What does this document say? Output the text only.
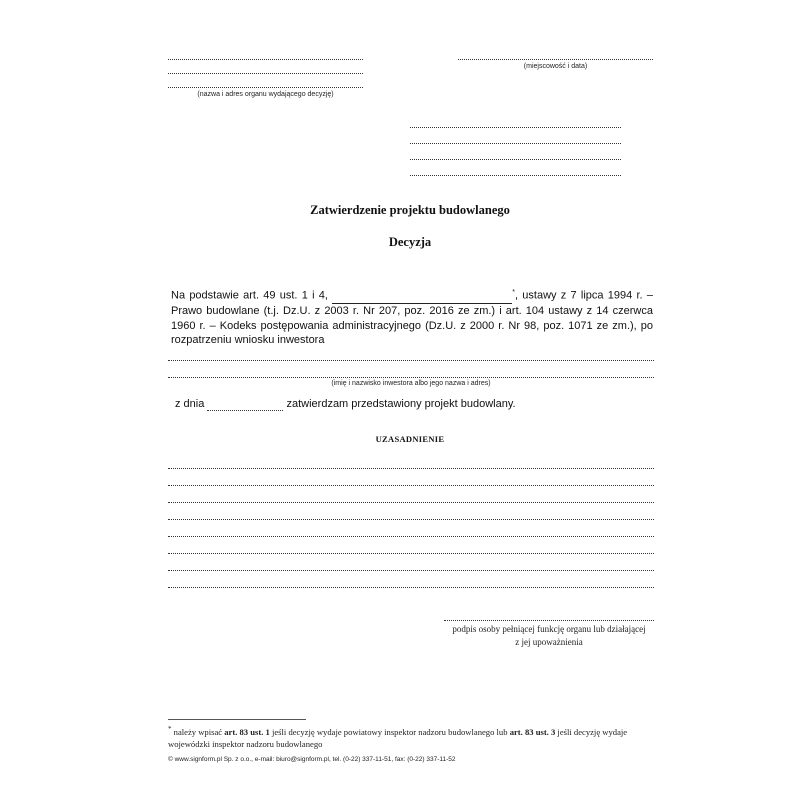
(nazwa i adres organu wydającego decyzję)
(miejscowość i data)
Zatwierdzenie projektu budowlanego
Decyzja
Na podstawie art. 49 ust. 1 i 4,	*, ustawy z 7 lipca 1994 r. – Prawo budowlane (t.j. Dz.U. z 2003 r. Nr 207, poz. 2016 ze zm.) i art. 104 ustawy z 14 czerwca 1960 r. – Kodeks postępowania administracyjnego (Dz.U. z 2000 r. Nr 98, poz. 1071 ze zm.), po rozpatrzeniu wniosku inwestora
(imię i nazwisko inwestora albo jego nazwa i adres)
z dnia	zatwierdzam przedstawiony projekt budowlany.
UZASADNIENIE
podpis osoby pełniącej funkcję organu lub działającej
z jej upoważnienia
* należy wpisać art. 83 ust. 1 jeśli decyzję wydaje powiatowy inspektor nadzoru budowlanego lub art. 83 ust. 3 jeśli decyzję wydaje wojewódzki inspektor nadzoru budowlanego
© www.signform.pl Sp. z o.o., e-mail: biuro@signform.pl, tel. (0-22) 337-11-51, fax: (0-22) 337-11-52
